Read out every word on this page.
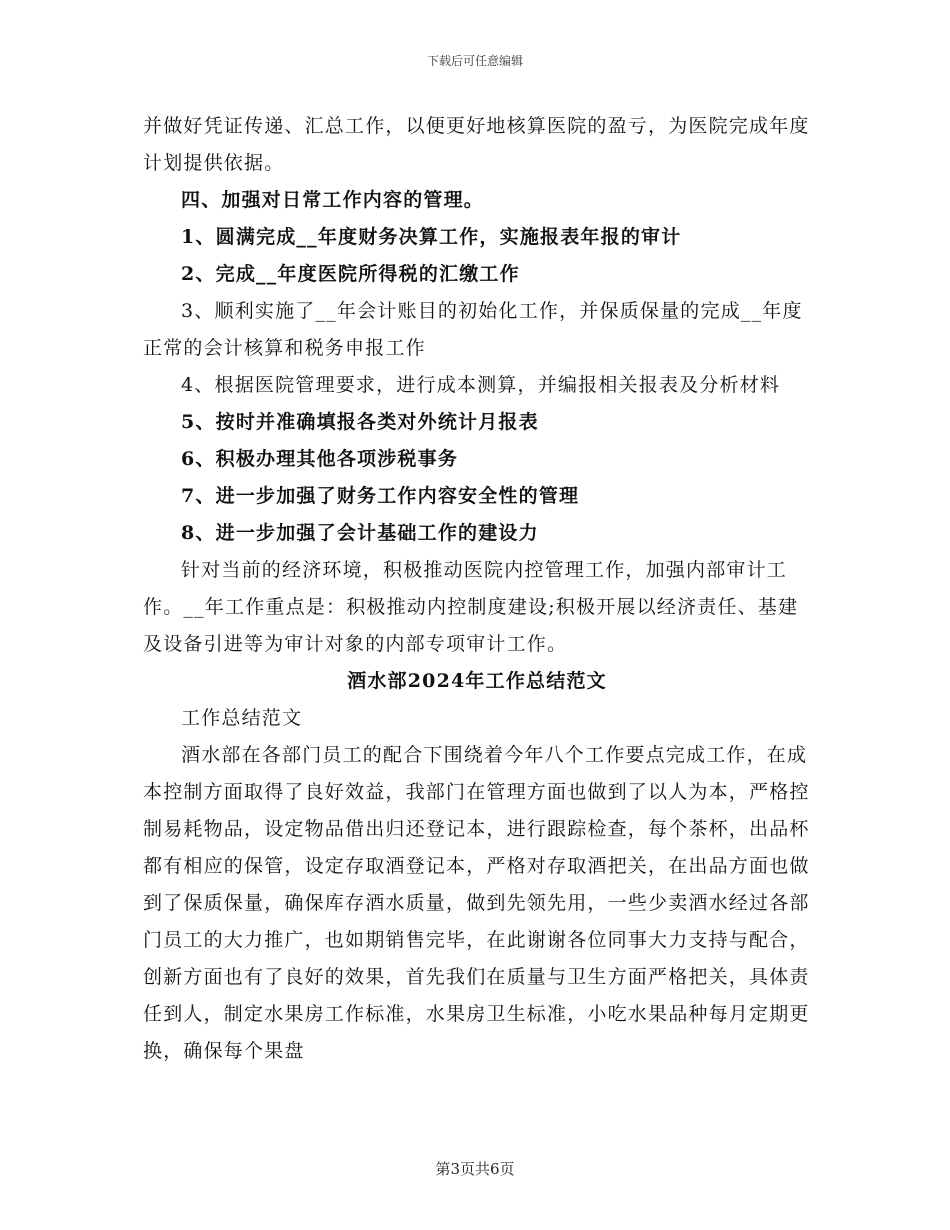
下载后可任意编辑

并做好凭证传递、汇总工作，以便更好地核算医院的盈亏，为医院完成年度计划提供依据。

四、加强对日常工作内容的管理。

1、圆满完成__年度财务决算工作，实施报表年报的审计

2、完成__年度医院所得税的汇缴工作

3、顺利实施了__年会计账目的初始化工作，并保质保量的完成__年度正常的会计核算和税务申报工作

4、根据医院管理要求，进行成本测算，并编报相关报表及分析材料

5、按时并准确填报各类对外统计月报表

6、积极办理其他各项涉税事务

7、进一步加强了财务工作内容安全性的管理

8、进一步加强了会计基础工作的建设力

针对当前的经济环境，积极推动医院内控管理工作，加强内部审计工作。__年工作重点是：积极推动内控制度建设;积极开展以经济责任、基建及设备引进等为审计对象的内部专项审计工作。

酒水部2024年工作总结范文

工作总结范文

酒水部在各部门员工的配合下围绕着今年八个工作要点完成工作，在成本控制方面取得了良好效益，我部门在管理方面也做到了以人为本，严格控制易耗物品，设定物品借出归还登记本，进行跟踪检查，每个茶杯，出品杯都有相应的保管，设定存取酒登记本，严格对存取酒把关，在出品方面也做到了保质保量，确保库存酒水质量，做到先领先用，一些少卖酒水经过各部门员工的大力推广，也如期销售完毕，在此谢谢各位同事大力支持与配合，创新方面也有了良好的效果，首先我们在质量与卫生方面严格把关，具体责任到人，制定水果房工作标准，水果房卫生标准，小吃水果品种每月定期更换，确保每个果盘

第3页共6页
